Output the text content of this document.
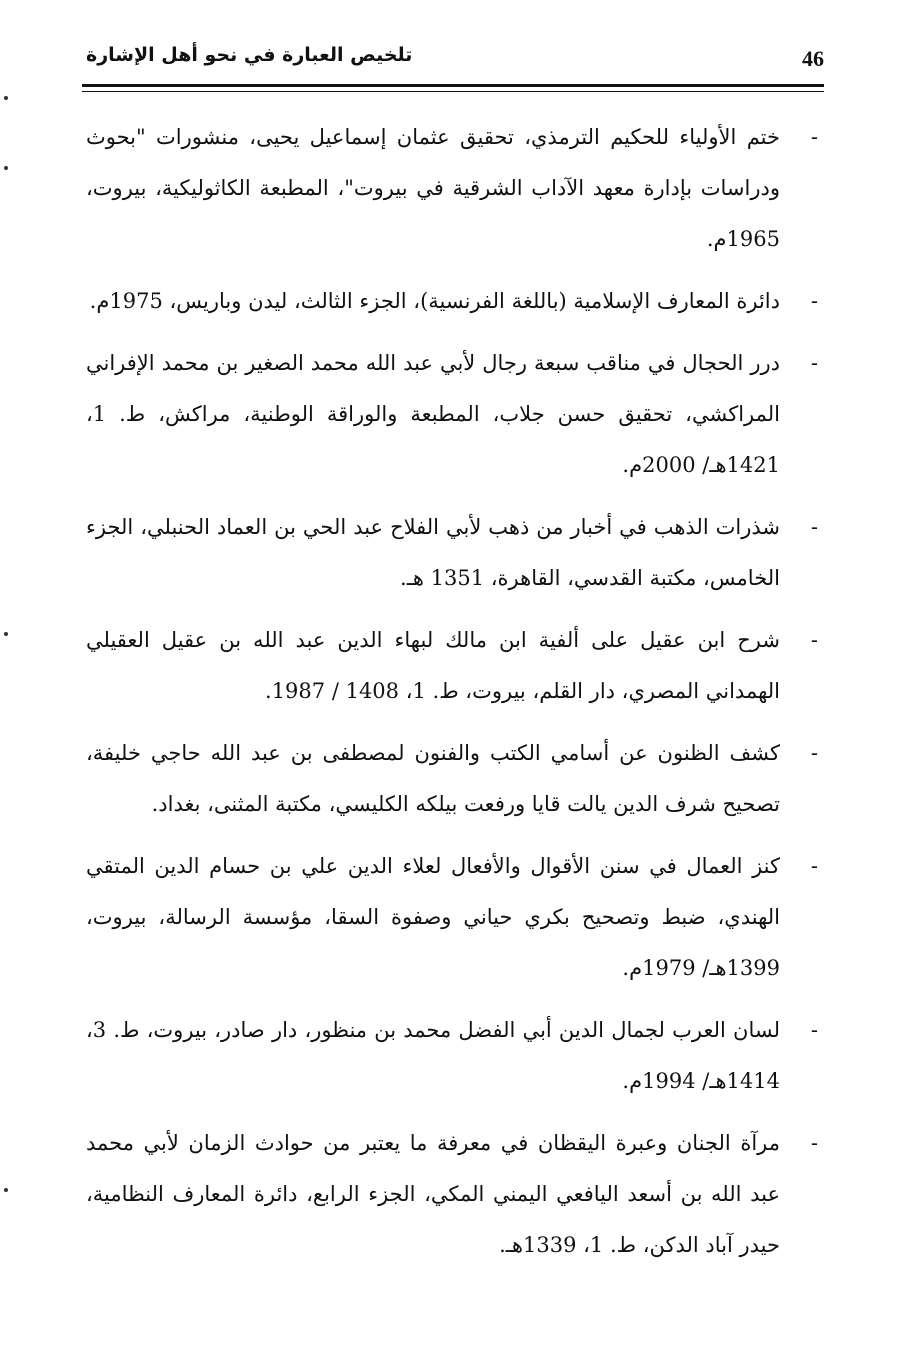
46
تلخيص العبارة في نحو أهل الإشارة
-
ختم الأولياء للحكيم الترمذي، تحقيق عثمان إسماعيل يحيى، منشورات "بحوث ودراسات بإدارة معهد الآداب الشرقية في بيروت"، المطبعة الكاثوليكية، بيروت، 1965م.
-
دائرة المعارف الإسلامية (باللغة الفرنسية)، الجزء الثالث، ليدن وباريس، 1975م.
-
درر الحجال في مناقب سبعة رجال لأبي عبد الله محمد الصغير بن محمد الإفراني المراكشي، تحقيق حسن جلاب، المطبعة والوراقة الوطنية، مراكش، ط. 1، 1421هـ/ 2000م.
-
شذرات الذهب في أخبار من ذهب لأبي الفلاح عبد الحي بن العماد الحنبلي، الجزء الخامس، مكتبة القدسي، القاهرة، 1351 هـ.
-
شرح ابن عقيل على ألفية ابن مالك لبهاء الدين عبد الله بن عقيل العقيلي الهمداني المصري، دار القلم، بيروت، ط. 1، 1408 / 1987.
-
كشف الظنون عن أسامي الكتب والفنون لمصطفى بن عبد الله حاجي خليفة، تصحيح شرف الدين يالت قايا ورفعت بيلكه الكليسي، مكتبة المثنى، بغداد.
-
كنز العمال في سنن الأقوال والأفعال لعلاء الدين علي بن حسام الدين المتقي الهندي، ضبط وتصحيح بكري حياني وصفوة السقا، مؤسسة الرسالة، بيروت، 1399هـ/ 1979م.
-
لسان العرب لجمال الدين أبي الفضل محمد بن منظور، دار صادر، بيروت، ط. 3، 1414هـ/ 1994م.
-
مرآة الجنان وعبرة اليقظان في معرفة ما يعتبر من حوادث الزمان لأبي محمد عبد الله بن أسعد اليافعي اليمني المكي، الجزء الرابع، دائرة المعارف النظامية، حيدر آباد الدكن، ط. 1، 1339هـ.
